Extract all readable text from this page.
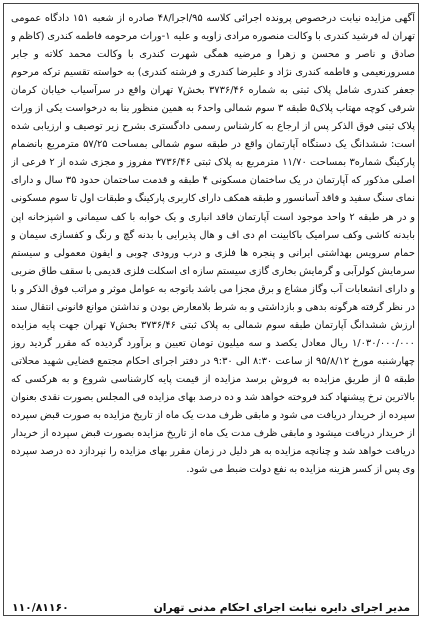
آگهی مزایده نیابت درخصوص پرونده اجرائی کلاسه ۹۵/اجرا/۴۸ صادره از شعبه ۱۵۱ دادگاه عمومی تهران له فرشید کندری با وکالت منصوره مرادی زاویه و علیه ۱-وراث مرحومه فاطمه کندری (کاظم و صادق و ناصر و محسن و زهرا و مرضیه همگی شهرت کندری با وکالت محمد کلاته و جابر مسرورنعیمی و فاطمه کندری نژاد و علیرضا کندری و فرشته کندری) به خواسته تقسیم ترکه مرحوم جعفر کندری شامل پلاک ثبتی به شماره ۳۷۳۶/۴۶ بخش۷ تهران واقع در سرآسیاب خیابان کرمان شرقی کوچه مهتاب پلاک۵ طبقه ۳ سوم شمالی واحد۶ به همین منظور بنا به درخواست یکی از وراث پلاک ثبتی فوق الذکر پس از ارجاع به کارشناس رسمی دادگستری بشرح زیر توصیف و ارزیابی شده است: ششدانگ یک دستگاه آپارتمان واقع در طبقه سوم شمالی بمساحت ۵۷/۲۵ مترمربع بانضمام پارکینگ شماره۳ بمساحت ۱۱/۷۰ مترمربع به پلاک ثبتی ۳۷۳۶/۴۶ مفروز و مجزی شده از ۲ فرعی از اصلی مذکور که آپارتمان در یک ساختمان مسکونی ۴ طبقه و قدمت ساختمان حدود ۳۵ سال و دارای نمای سنگ سفید و فاقد آسانسور و طبقه همکف دارای کاربری پارکینگ و طبقات اول تا سوم مسکونی و در هر طبقه ۲ واحد موجود است آپارتمان فاقد انباری و یک خوابه با کف سیمانی و اشپزخانه اپن بابدنه کاشی وکف سرامیک باکابینت ام دی اف و هال پذیرایی با بدنه گچ و رنگ و کفسازی سیمان و حمام سرویس بهداشتی ایرانی و پنجره ها فلزی و درب ورودی چوبی و ایفون معمولی و سیستم سرمایش کولرآبی و گرمایش بخاری گازی سیستم سازه ای اسکلت فلزی قدیمی با سقف طاق ضربی و دارای انشعابات آب وگاز مشاع و برق مجزا می باشد باتوجه به عوامل موثر و مراتب فوق الذکر و با در نظر گرفته هرگونه بدهی و بازداشتی و به شرط بلامعارض بودن و نداشتن موانع قانونی انتقال سند ارزش ششدانگ آپارتمان طبقه سوم شمالی به پلاک ثبتی ۳۷۳۶/۴۶ بخش۷ تهران جهت پایه مزایده ۱/۰۳۰/۰۰۰/۰۰۰ ریال معادل یکصد و سه میلیون تومان تعیین و برآورد گردیده که مقرر گردید روز چهارشنبه مورخ ۹۵/۸/۱۲ از ساعت ۸:۳۰ الی ۹:۳۰ در دفتر اجرای احکام مجتمع قضایی شهید محلاتی طبقه ۵ از طریق مزایده به فروش برسد مزایده از قیمت پایه کارشناسی شروع و به هرکسی که بالاترین نرخ پیشنهاد کند فروخته خواهد شد و ده درصد بهای مزایده فی المجلس بصورت نقدی بعنوان سپرده از خریدار دریافت می شود و مابقی ظرف مدت یک ماه از تاریخ مزایده به صورت قبض سپرده از خریدار دریافت میشود و مابقی ظرف مدت یک ماه از تاریخ مزایده بصورت قبض سپرده از خریدار دریافت خواهد شد و چنانچه مزایده به هر دلیل در زمان مقرر بهای مزایده را نپردازد ده درصد سپرده وی پس از کسر هزینه مزایده به نفع دولت ضبط می شود.
مدیر اجرای دایره نیابت اجرای احکام مدنی تهران
۱۱۰/۸۱۱۶۰
